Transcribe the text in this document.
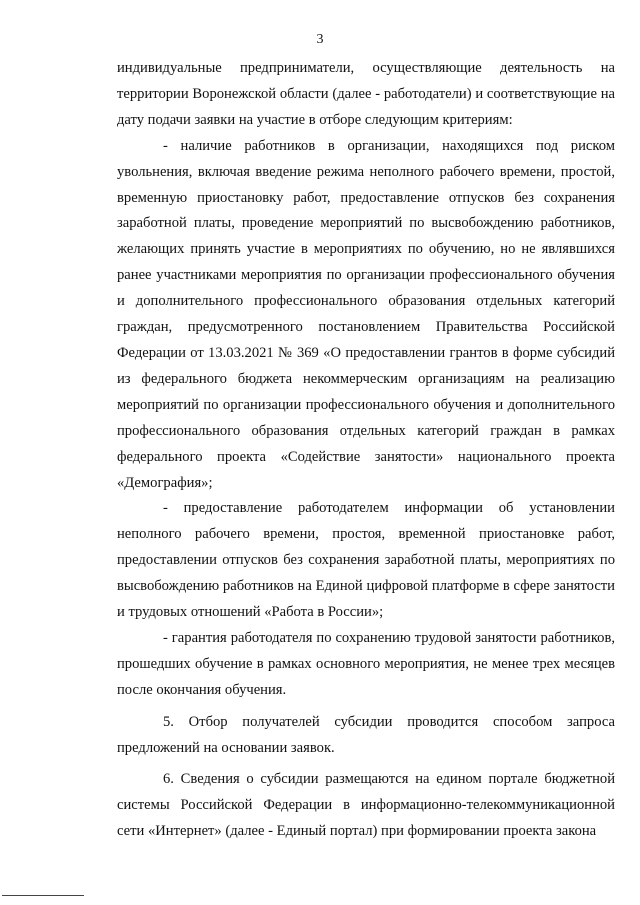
3

индивидуальные предприниматели, осуществляющие деятельность на территории Воронежской области (далее - работодатели) и соответствующие на дату подачи заявки на участие в отборе следующим критериям:

- наличие работников в организации, находящихся под риском увольнения, включая введение режима неполного рабочего времени, простой, временную приостановку работ, предоставление отпусков без сохранения заработной платы, проведение мероприятий по высвобождению работников, желающих принять участие в мероприятиях по обучению, но не являвшихся ранее участниками мероприятия по организации профессионального обучения и дополнительного профессионального образования отдельных категорий граждан, предусмотренного постановлением Правительства Российской Федерации от 13.03.2021 № 369 «О предоставлении грантов в форме субсидий из федерального бюджета некоммерческим организациям на реализацию мероприятий по организации профессионального обучения и дополнительного профессионального образования отдельных категорий граждан в рамках федерального проекта «Содействие занятости» национального проекта «Демография»;

- предоставление работодателем информации об установлении неполного рабочего времени, простоя, временной приостановке работ, предоставлении отпусков без сохранения заработной платы, мероприятиях по высвобождению работников на Единой цифровой платформе в сфере занятости и трудовых отношений «Работа в России»;

- гарантия работодателя по сохранению трудовой занятости работников, прошедших обучение в рамках основного мероприятия, не менее трех месяцев после окончания обучения.

5. Отбор получателей субсидии проводится способом запроса предложений на основании заявок.

6. Сведения о субсидии размещаются на едином портале бюджетной системы Российской Федерации в информационно-телекоммуникационной сети «Интернет» (далее - Единый портал) при формировании проекта закона
